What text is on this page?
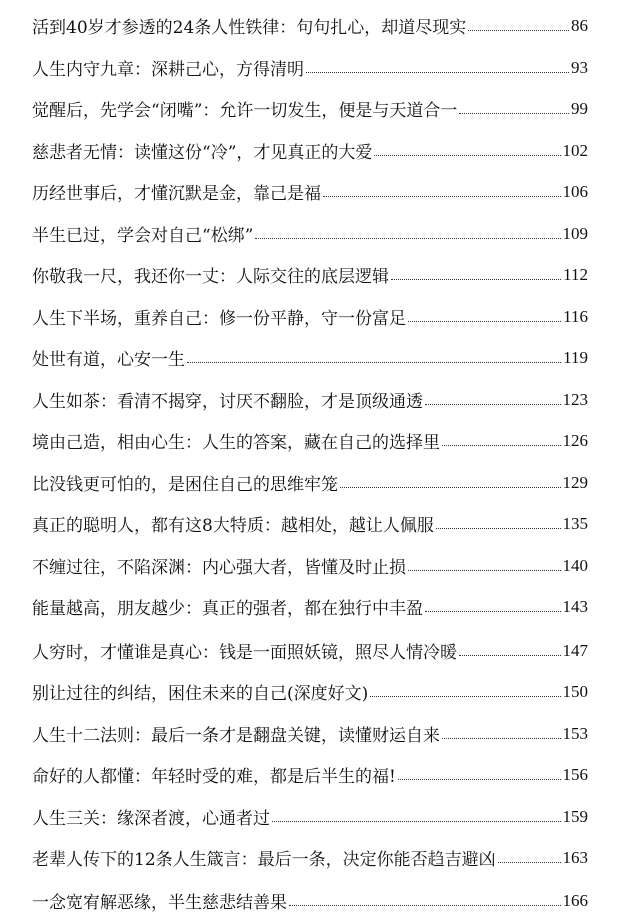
活到40岁才参透的24条人性铁律：句句扎心，却道尽现实	86
人生内守九章：深耕己心，方得清明	93
觉醒后，先学会“闭嘴”：允许一切发生，便是与天道合一	99
慈悲者无情：读懂这份“冷”，才见真正的大爱	102
历经世事后，才懂沉默是金，靠己是福	106
半生已过，学会对自己“松绑”	109
你敬我一尺，我还你一丈：人际交往的底层逻辑	112
人生下半场，重养自己：修一份平静，守一份富足	116
处世有道，心安一生	119
人生如茶：看清不揭穿，讨厌不翻脸，才是顶级通透	123
境由己造，相由心生：人生的答案，藏在自己的选择里	126
比没钱更可怕的，是困住自己的思维牢笼	129
真正的聪明人，都有这8大特质：越相处，越让人佩服	135
不缠过往，不陷深渊：内心强大者，皆懂及时止损	140
能量越高，朋友越少：真正的强者，都在独行中丰盈	143
人穷时，才懂谁是真心：钱是一面照妖镜，照尽人情冷暖	147
别让过往的纠结，困住未来的自己(深度好文)	150
人生十二法则：最后一条才是翻盘关键，读懂财运自来	153
命好的人都懂：年轻时受的难，都是后半生的福!	156
人生三关：缘深者渡，心通者过	159
老辈人传下的12条人生箴言：最后一条，决定你能否趋吉避凶	163
一念宽宥解恶缘，半生慈悲结善果	166
